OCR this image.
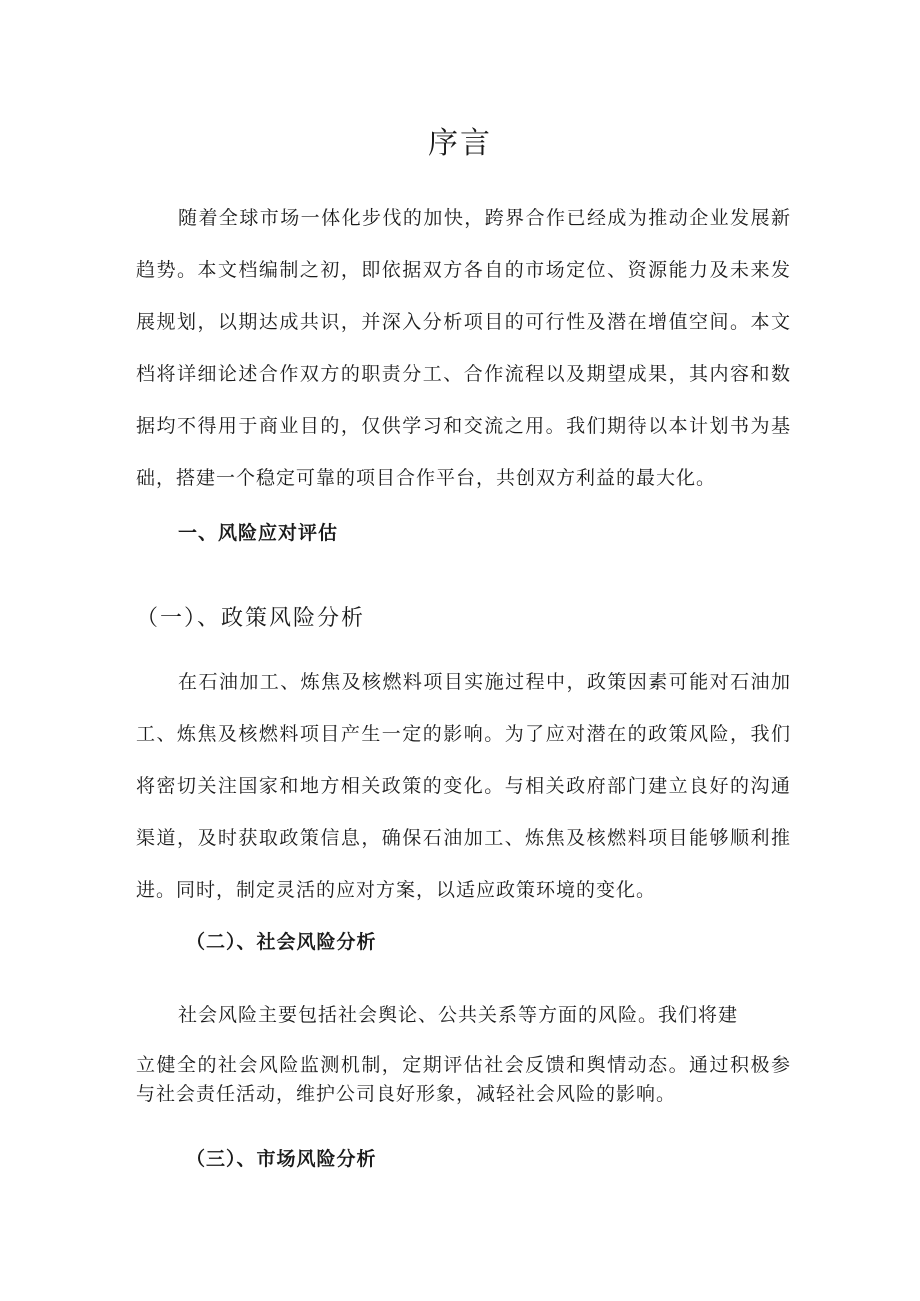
序言

随着全球市场一体化步伐的加快，跨界合作已经成为推动企业发展新趋势。本文档编制之初，即依据双方各自的市场定位、资源能力及未来发展规划，以期达成共识，并深入分析项目的可行性及潜在增值空间。本文档将详细论述合作双方的职责分工、合作流程以及期望成果，其内容和数据均不得用于商业目的，仅供学习和交流之用。我们期待以本计划书为基础，搭建一个稳定可靠的项目合作平台，共创双方利益的最大化。

一、风险应对评估
（一）、政策风险分析

在石油加工、炼焦及核燃料项目实施过程中，政策因素可能对石油加工、炼焦及核燃料项目产生一定的影响。为了应对潜在的政策风险，我们将密切关注国家和地方相关政策的变化。与相关政府部门建立良好的沟通渠道，及时获取政策信息，确保石油加工、炼焦及核燃料项目能够顺利推进。同时，制定灵活的应对方案，以适应政策环境的变化。

（二）、社会风险分析

社会风险主要包括社会舆论、公共关系等方面的风险。我们将建

立健全的社会风险监测机制，定期评估社会反馈和舆情动态。通过积极参与社会责任活动，维护公司良好形象，减轻社会风险的影响。

（三）、市场风险分析
